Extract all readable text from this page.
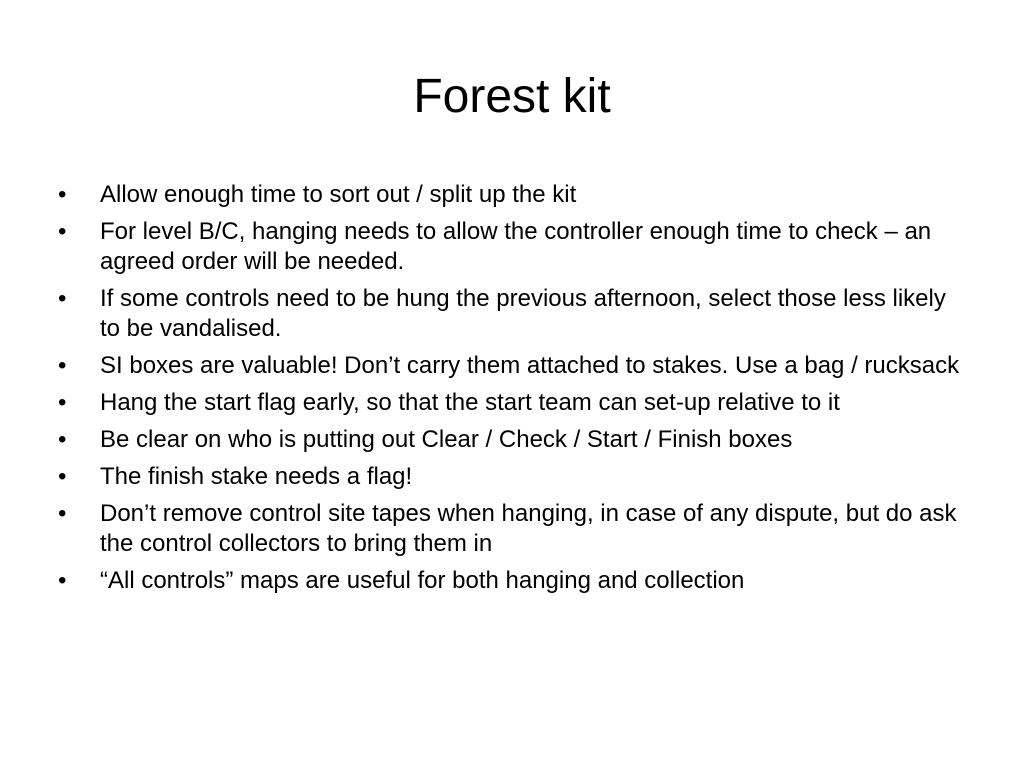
Forest kit
•	Allow enough time to sort out / split up the kit
•	For level B/C, hanging needs to allow the controller enough time to check – an agreed order will be needed.
•	If some controls need to be hung the previous afternoon, select those less likely to be vandalised.
•	SI boxes are valuable! Don’t carry them attached to stakes. Use a bag / rucksack
•	Hang the start flag early, so that the start team can set-up relative to it
•	Be clear on who is putting out Clear / Check / Start / Finish boxes
•	The finish stake needs a flag!
•	Don’t remove control site tapes when hanging, in case of any dispute, but do ask the control collectors to bring them in
•	“All controls” maps are useful for both hanging and collection
